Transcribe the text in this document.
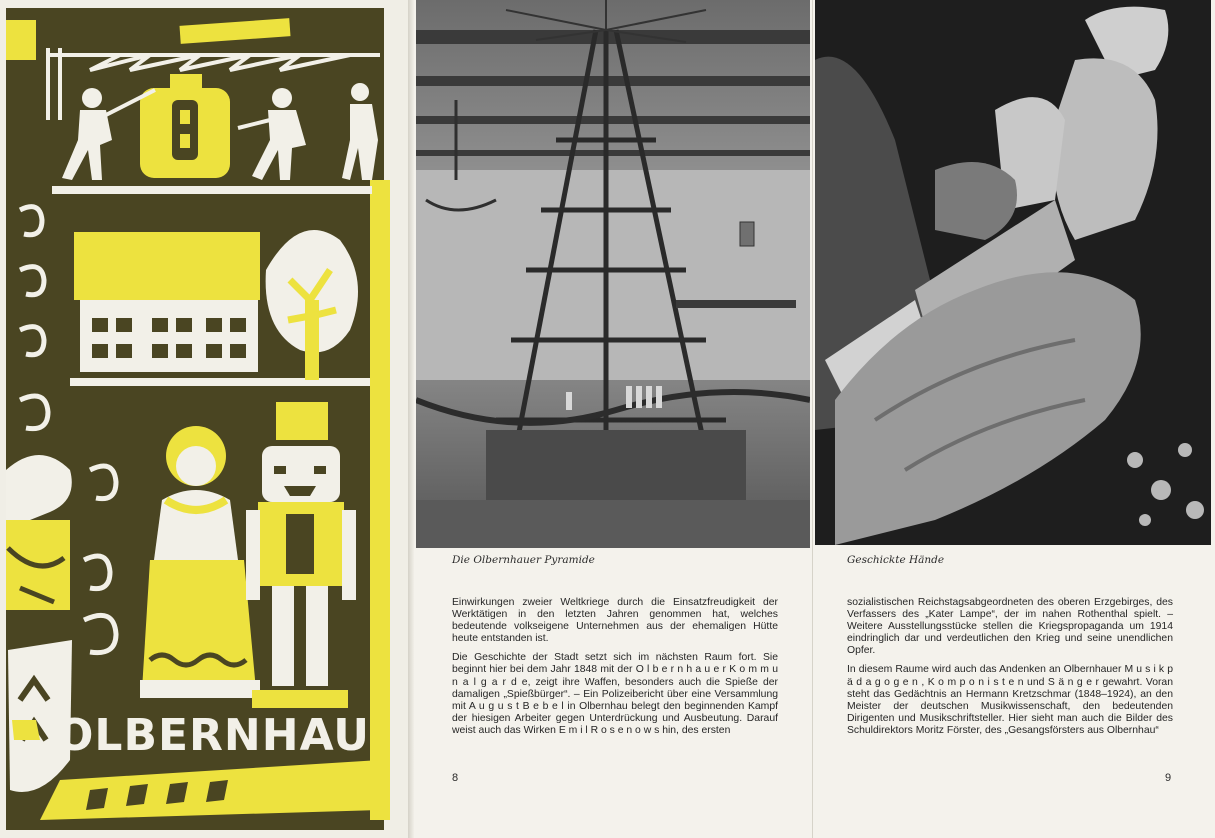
OLBERNHAU
Die Olbernhauer Pyramide

Einwirkungen zweier Weltkriege durch die Einsatzfreudigkeit der Werktätigen in den letzten Jahren genommen hat, welches bedeutende volkseigene Unternehmen aus der ehemaligen Hütte heute entstanden ist.

Die Geschichte der Stadt setzt sich im nächsten Raum fort. Sie beginnt hier bei dem Jahr 1848 mit der O l b e r n h a u e r K o m m u n a l g a r d e, zeigt ihre Waffen, besonders auch die Spieße der damaligen „Spießbürger“. – Ein Polizeibericht über eine Versammlung mit A u g u s t B e b e l in Olbernhau belegt den beginnenden Kampf der hiesigen Arbeiter gegen Unterdrückung und Ausbeutung. Darauf weist auch das Wirken E m i l R o s e n o w s hin, des ersten

8
Geschickte Hände

sozialistischen Reichstagsabgeordneten des oberen Erzgebirges, des Verfassers des „Kater Lampe“, der im nahen Rothenthal spielt. – Weitere Ausstellungsstücke stellen die Kriegspropaganda um 1914 eindringlich dar und verdeutlichen den Krieg und seine unendlichen Opfer.

In diesem Raume wird auch das Andenken an Olbernhauer M u s i k p ä d a g o g e n , K o m p o n i s t e n und S ä n g e r gewahrt. Voran steht das Gedächtnis an Hermann Kretzschmar (1848–1924), an den Meister der deutschen Musikwissenschaft, den bedeutenden Dirigenten und Musikschriftsteller. Hier sieht man auch die Bilder des Schuldirektors Moritz Förster, des „Gesangsförsters aus Olbernhau“

9
